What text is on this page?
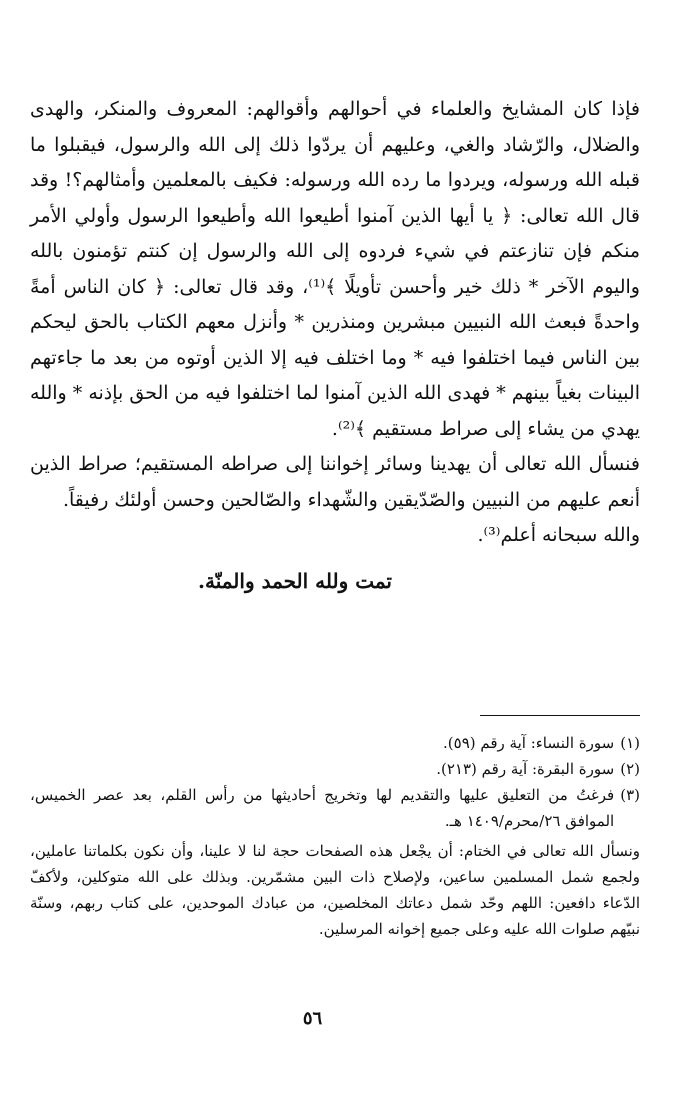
فإذا كان المشايخ والعلماء في أحوالهم وأقوالهم: المعروف والمنكر، والهدى والضلال، والرّشاد والغي، وعليهم أن يردّوا ذلك إلى الله والرسول، فيقبلوا ما قبله الله ورسوله، ويردوا ما رده الله ورسوله: فكيف بالمعلمين وأمثالهم؟! وقد قال الله تعالى: ﴿ يا أيها الذين آمنوا أطيعوا الله وأطيعوا الرسول وأولي الأمر منكم فإن تنازعتم في شيء فردوه إلى الله والرسول إن كنتم تؤمنون بالله واليوم الآخر * ذلك خير وأحسن تأويلًا ﴾⁽¹⁾، وقد قال تعالى: ﴿ كان الناس أمةً واحدةً فبعث الله النبيين مبشرين ومنذرين * وأنزل معهم الكتاب بالحق ليحكم بين الناس فيما اختلفوا فيه * وما اختلف فيه إلا الذين أوتوه من بعد ما جاءتهم البينات بغياً بينهم * فهدى الله الذين آمنوا لما اختلفوا فيه من الحق بإذنه * والله يهدي من يشاء إلى صراط مستقيم ﴾⁽²⁾.

فنسأل الله تعالى أن يهدينا وسائر إخواننا إلى صراطه المستقيم؛ صراط الذين أنعم عليهم من النبيين والصّدّيقين والشّهداء والصّالحين وحسن أولئك رفيقاً.

والله سبحانه أعلم⁽³⁾.

تمت ولله الحمد والمنّة.
(١)
سورة النساء: آية رقم (٥٩).
(٢)
سورة البقرة: آية رقم (٢١٣).
(٣)
فرغتُ من التعليق عليها والتقديم لها وتخريج أحاديثها من رأس القلم، بعد عصر الخميس، الموافق ٢٦/محرم/١٤٠٩ هـ.

ونسأل الله تعالى في الختام: أن يجْعل هذه الصفحات حجة لنا لا علينا، وأن نكون بكلماتنا عاملين، ولجمع شمل المسلمين ساعين، ولإصلاح ذات البين مشمّرين. وبذلك على الله متوكلين، ولأكفّ الدّعاء دافعين: اللهم وحّد شمل دعاتك المخلصين، من عبادك الموحدين، على كتاب ربهم، وسنّة نبيّهم صلوات الله عليه وعلى جميع إخوانه المرسلين.

٥٦
